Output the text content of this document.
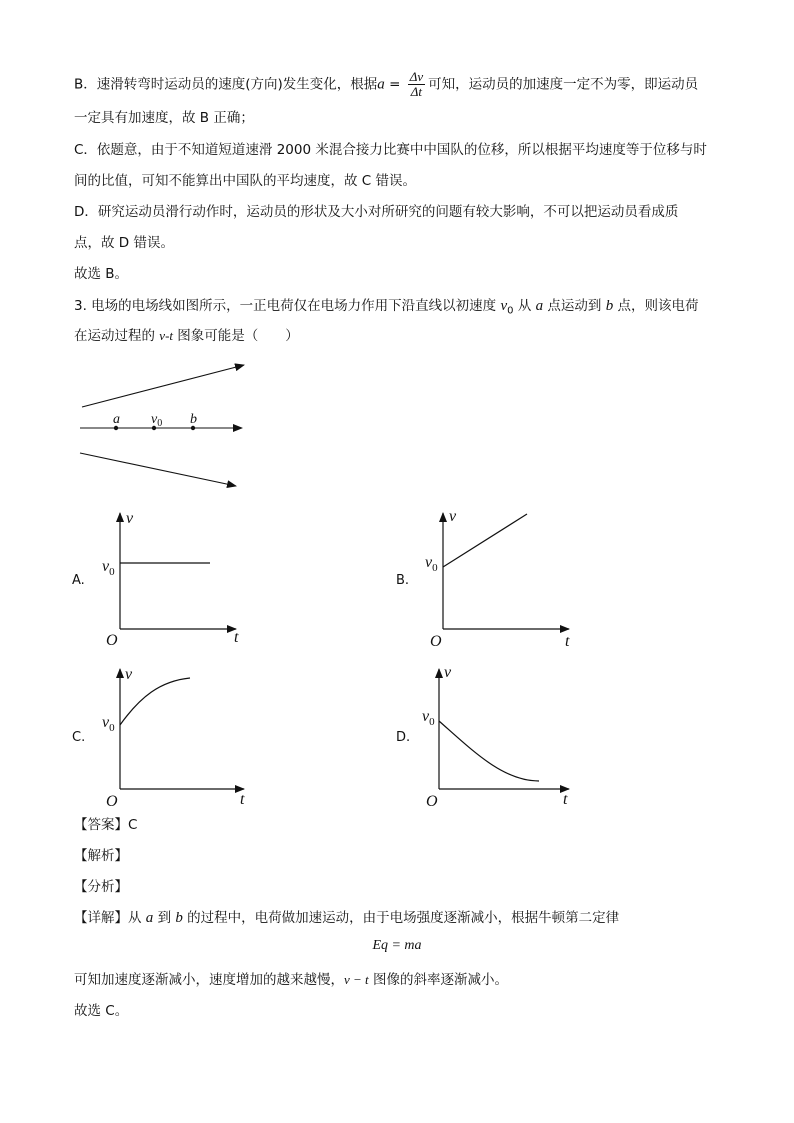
B．速滑转弯时运动员的速度(方向)发生变化，根据$a = \frac{\Delta v}{\Delta t}$ 可知，运动员的加速度一定不为零，即运动员
一定具有加速度，故 B 正确；
C．依题意，由于不知道短道速滑 2000 米混合接力比赛中中国队的位移，所以根据平均速度等于位移与时
间的比值，可知不能算出中国队的平均速度，故 C 错误。
D．研究运动员滑行动作时，运动员的形状及大小对所研究的问题有较大影响，不可以把运动员看成质
点，故 D 错误。
故选 B。
3. 电场的电场线如图所示，一正电荷仅在电场力作用下沿直线以初速度 $v_0$ 从 a 点运动到 b 点，则该电荷
在运动过程的 v-t 图象可能是（　　）
a $v_0$ b
A.	B.
C.	D.
v
$v_0$
O	t
v
$v_0$
O	t
v
$v_0$
O	t
v
$v_0$
O	t
【答案】C
【解析】
【分析】
【详解】从 a 到 b 的过程中，电荷做加速运动，由于电场强度逐渐减小，根据牛顿第二定律
Eq = ma
可知加速度逐渐减小，速度增加的越来越慢，v − t 图像的斜率逐渐减小。
故选 C。
